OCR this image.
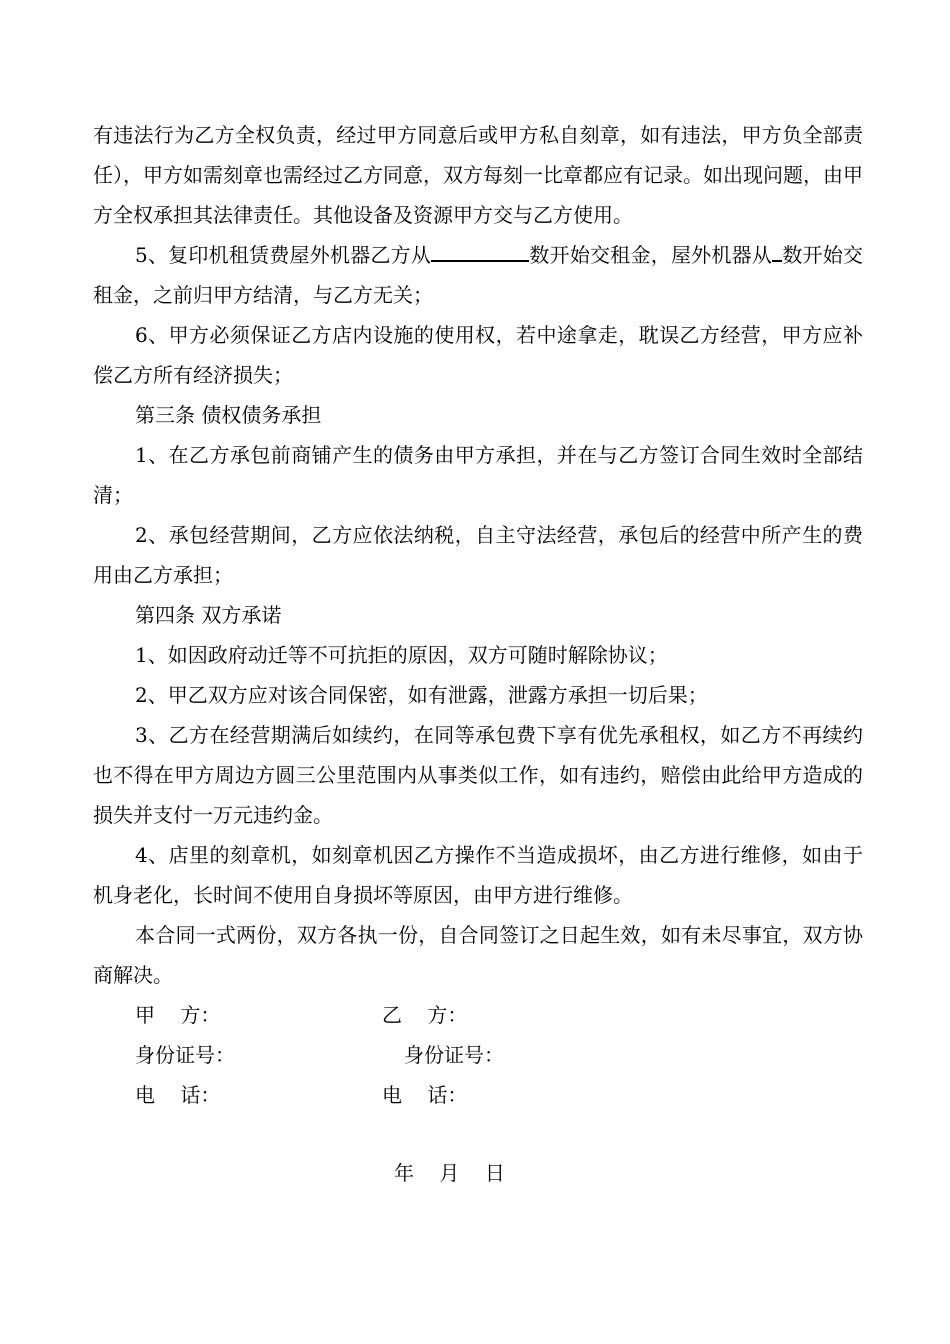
有违法行为乙方全权负责，经过甲方同意后或甲方私自刻章，如有违法，甲方负全部责任），甲方如需刻章也需经过乙方同意，双方每刻一比章都应有记录。如出现问题，由甲方全权承担其法律责任。其他设备及资源甲方交与乙方使用。

5、复印机租赁费屋外机器乙方从	数开始交租金，屋外机器从 数开始交租金，之前归甲方结清，与乙方无关；

6、甲方必须保证乙方店内设施的使用权，若中途拿走，耽误乙方经营，甲方应补偿乙方所有经济损失；

第三条 债权债务承担

1、在乙方承包前商铺产生的债务由甲方承担，并在与乙方签订合同生效时全部结清；

2、承包经营期间，乙方应依法纳税，自主守法经营，承包后的经营中所产生的费用由乙方承担；

第四条 双方承诺

1、如因政府动迁等不可抗拒的原因，双方可随时解除协议；

2、甲乙双方应对该合同保密，如有泄露，泄露方承担一切后果；

3、乙方在经营期满后如续约，在同等承包费下享有优先承租权，如乙方不再续约也不得在甲方周边方圆三公里范围内从事类似工作，如有违约，赔偿由此给甲方造成的损失并支付一万元违约金。

4、店里的刻章机，如刻章机因乙方操作不当造成损坏，由乙方进行维修，如由于机身老化，长时间不使用自身损坏等原因，由甲方进行维修。

本合同一式两份，双方各执一份，自合同签订之日起生效，如有未尽事宜，双方协商解决。

甲    方：	乙    方：
身份证号：	身份证号：
电    话：	电    话：
年    月    日
